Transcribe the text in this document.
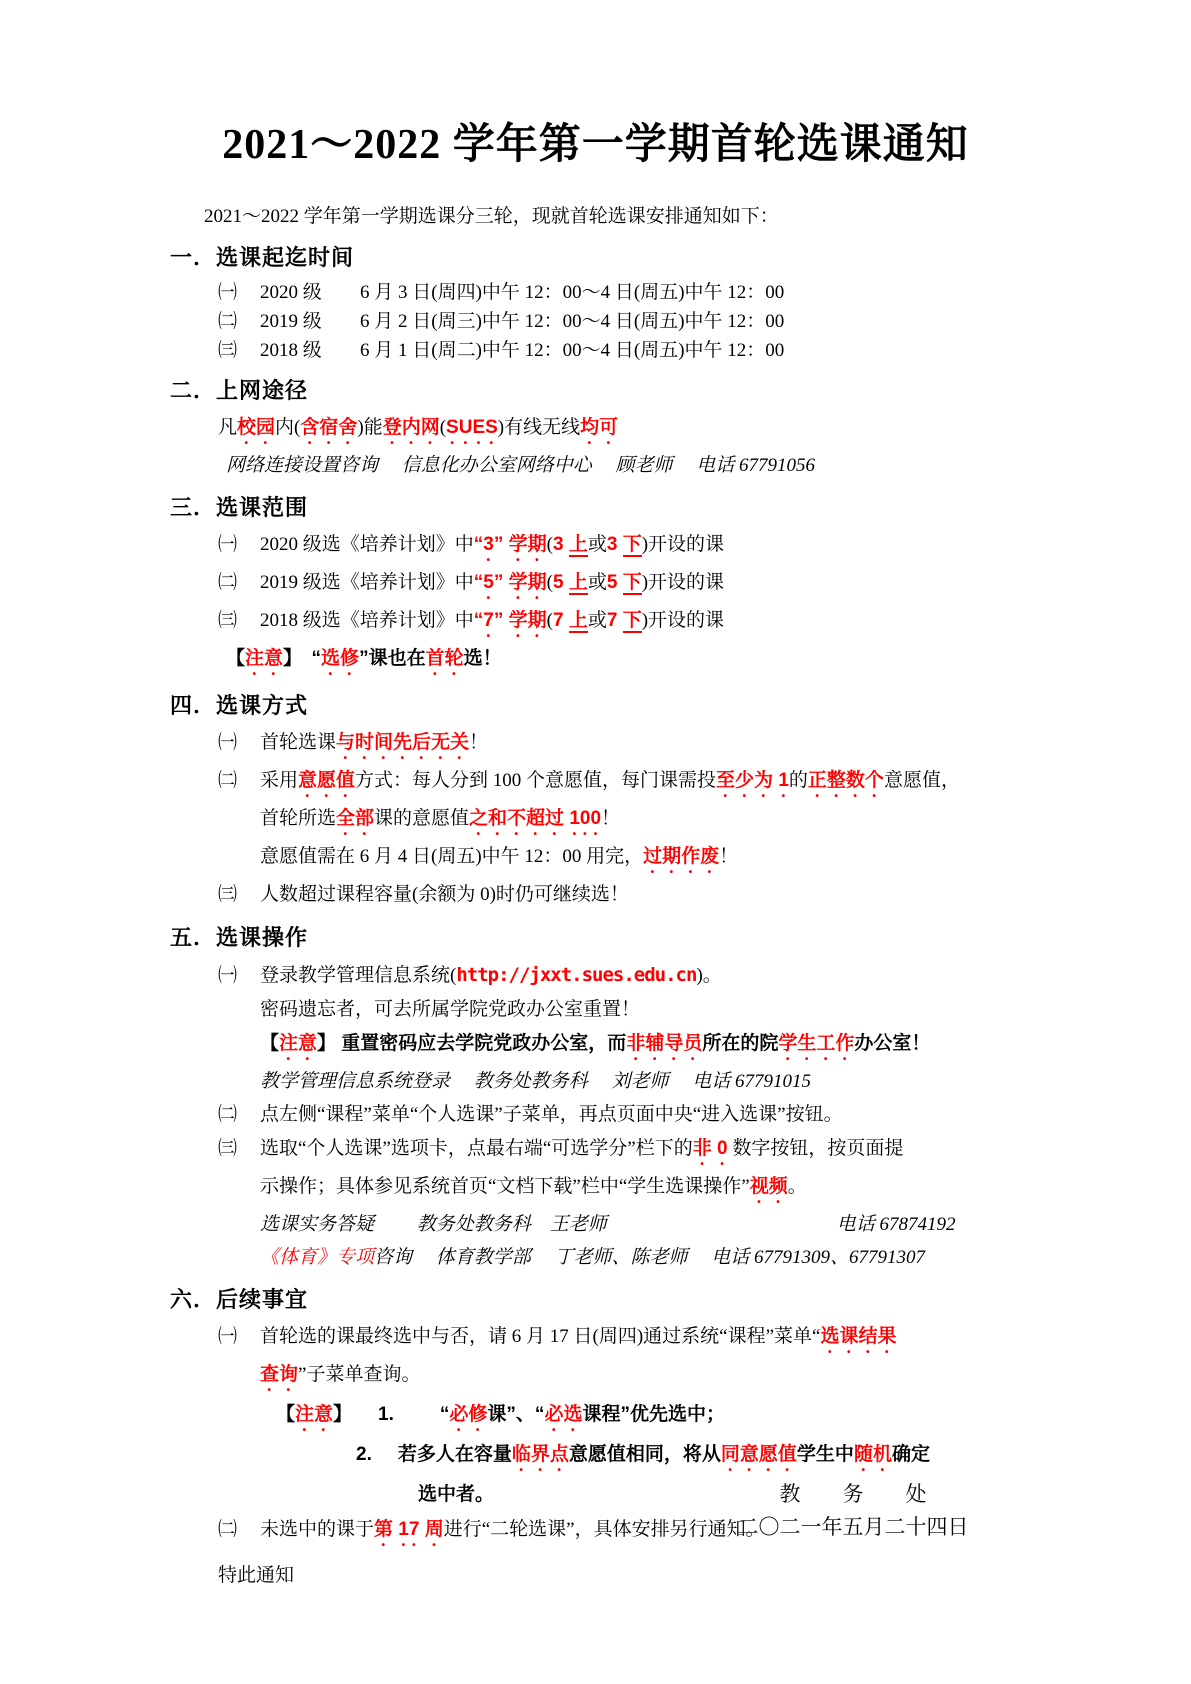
2021～2022 学年第一学期首轮选课通知
2021～2022 学年第一学期选课分三轮，现就首轮选课安排通知如下：
一．选课起迄时间
㈠ 2020 级 6 月 3 日(周四)中午 12：00～4 日(周五)中午 12：00
㈡ 2019 级 6 月 2 日(周三)中午 12：00～4 日(周五)中午 12：00
㈢ 2018 级 6 月 1 日(周二)中午 12：00～4 日(周五)中午 12：00
二．上网途径
凡校园内(含宿舍)能登内网(SUES)有线无线均可
网络连接设置咨询　 信息化办公室网络中心　 顾老师　 电话 67791056
三．选课范围
㈠ 2020 级选《培养计划》中“3” 学期(3 上或3 下)开设的课
㈡ 2019 级选《培养计划》中“5” 学期(5 上或5 下)开设的课
㈢ 2018 级选《培养计划》中“7” 学期(7 上或7 下)开设的课
【注意】　“选修”课也在首轮选！
四．选课方式
㈠ 首轮选课与时间先后无关！
㈡ 采用意愿值方式：每人分到 100 个意愿值，每门课需投至少为 1的正整数个意愿值，
首轮所选全部课的意愿值之和不超过 100！
意愿值需在 6 月 4 日(周五)中午 12：00 用完，过期作废！
㈢ 人数超过课程容量(余额为 0)时仍可继续选！
五．选课操作
㈠ 登录教学管理信息系统(http://jxxt.sues.edu.cn)。
密码遗忘者，可去所属学院党政办公室重置！
【注意】 重置密码应去学院党政办公室，而非辅导员所在的院学生工作办公室！
教学管理信息系统登录　 教务处教务科　 刘老师　 电话 67791015
㈡ 点左侧“课程”菜单“个人选课”子菜单，再点页面中央“进入选课”按钮。
㈢ 选取“个人选课”选项卡，点最右端“可选学分”栏下的非 0 数字按钮，按页面提
示操作；具体参见系统首页“文档下载”栏中“学生选课操作”视频。
选课实务答疑　　 教务处教务科　王老师	电话 67874192
《体育》专项咨询　 体育教学部　 丁老师、陈老师　 电话 67791309、67791307
六．后续事宜
㈠ 首轮选的课最终选中与否，请 6 月 17 日(周四)通过系统“课程”菜单“选课结果
查询”子菜单查询。
【注意】 1. “必修课”、“必选课程”优先选中；
2. 若多人在容量临界点意愿值相同，将从同意愿值学生中随机确定
选中者。
㈡ 未选中的课于第 17 周进行“二轮选课”，具体安排另行通知。
特此通知
教　　务　　处
二〇二一年五月二十四日
